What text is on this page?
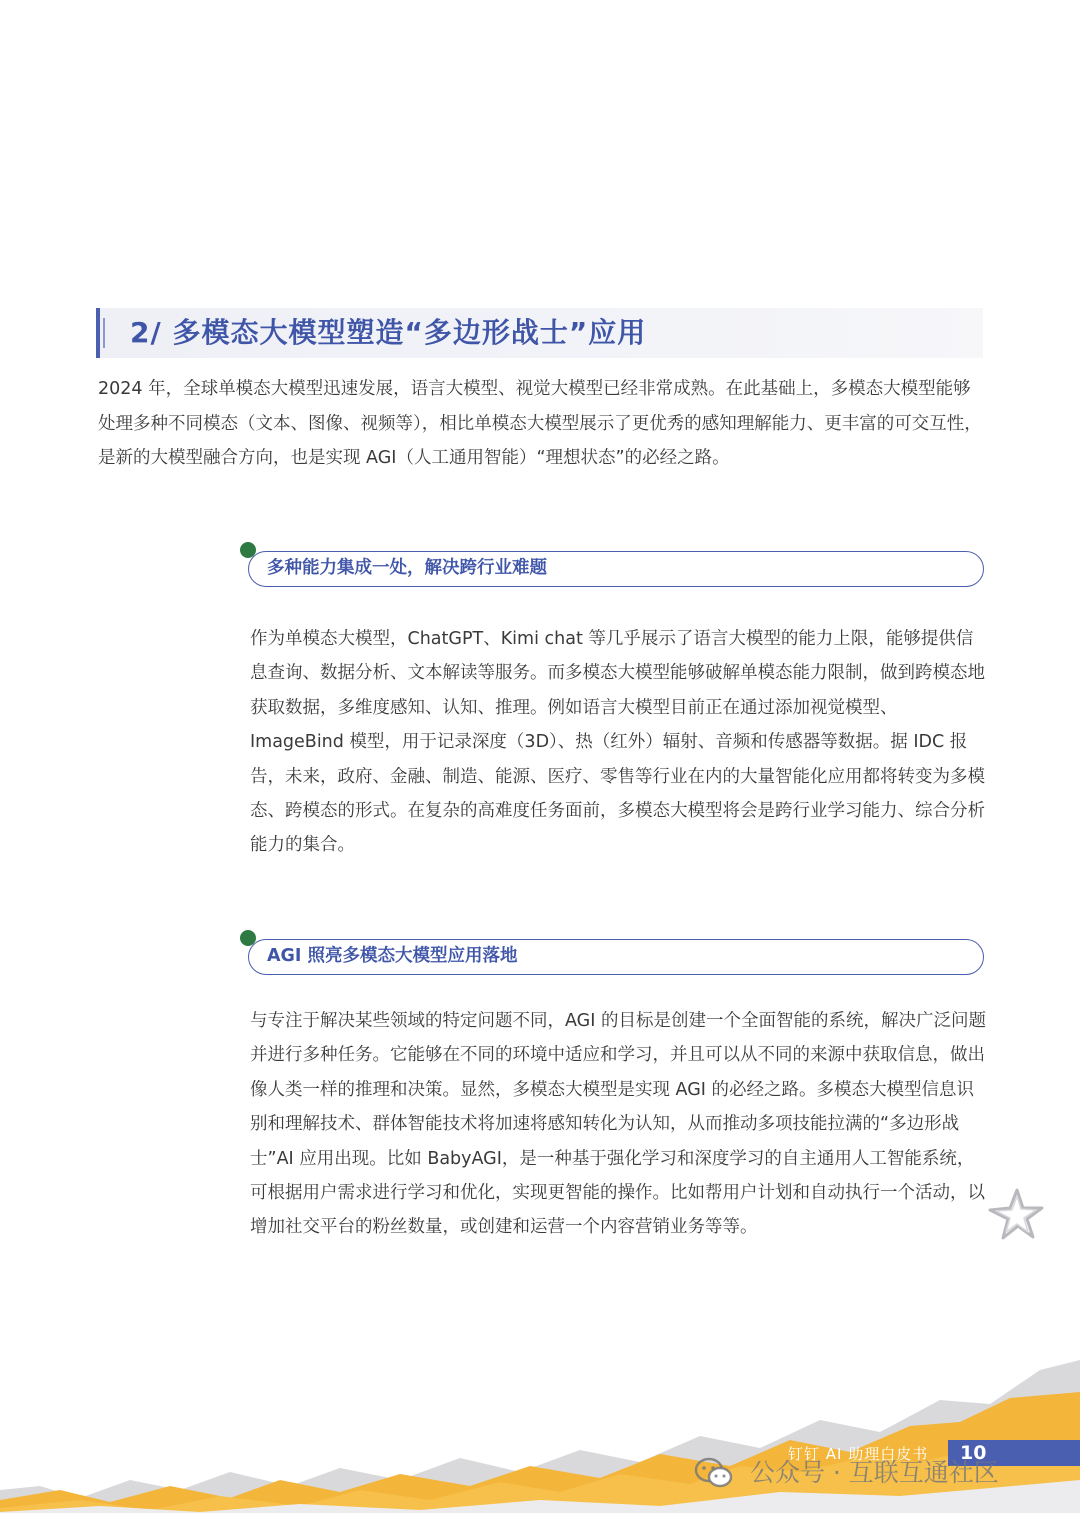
2/ 多模态大模型塑造“多边形战士”应用
2024 年，全球单模态大模型迅速发展，语言大模型、视觉大模型已经非常成熟。在此基础上，多模态大模型能够处理多种不同模态（文本、图像、视频等），相比单模态大模型展示了更优秀的感知理解能力、更丰富的可交互性，是新的大模型融合方向，也是实现 AGI（人工通用智能）“理想状态”的必经之路。
多种能力集成一处，解决跨行业难题
作为单模态大模型，ChatGPT、Kimi chat 等几乎展示了语言大模型的能力上限，能够提供信息查询、数据分析、文本解读等服务。而多模态大模型能够破解单模态能力限制，做到跨模态地获取数据，多维度感知、认知、推理。例如语言大模型目前正在通过添加视觉模型、ImageBind 模型，用于记录深度（3D）、热（红外）辐射、音频和传感器等数据。据 IDC 报告，未来，政府、金融、制造、能源、医疗、零售等行业在内的大量智能化应用都将转变为多模态、跨模态的形式。在复杂的高难度任务面前，多模态大模型将会是跨行业学习能力、综合分析能力的集合。
AGI 照亮多模态大模型应用落地
与专注于解决某些领域的特定问题不同，AGI 的目标是创建一个全面智能的系统，解决广泛问题并进行多种任务。它能够在不同的环境中适应和学习，并且可以从不同的来源中获取信息，做出像人类一样的推理和决策。显然，多模态大模型是实现 AGI 的必经之路。多模态大模型信息识别和理解技术、群体智能技术将加速将感知转化为认知，从而推动多项技能拉满的“多边形战士”AI 应用出现。比如 BabyAGI，是一种基于强化学习和深度学习的自主通用人工智能系统，可根据用户需求进行学习和优化，实现更智能的操作。比如帮用户计划和自动执行一个活动，以增加社交平台的粉丝数量，或创建和运营一个内容营销业务等等。
钉钉 AI 助理白皮书 10
公众号 · 互联互通社区
